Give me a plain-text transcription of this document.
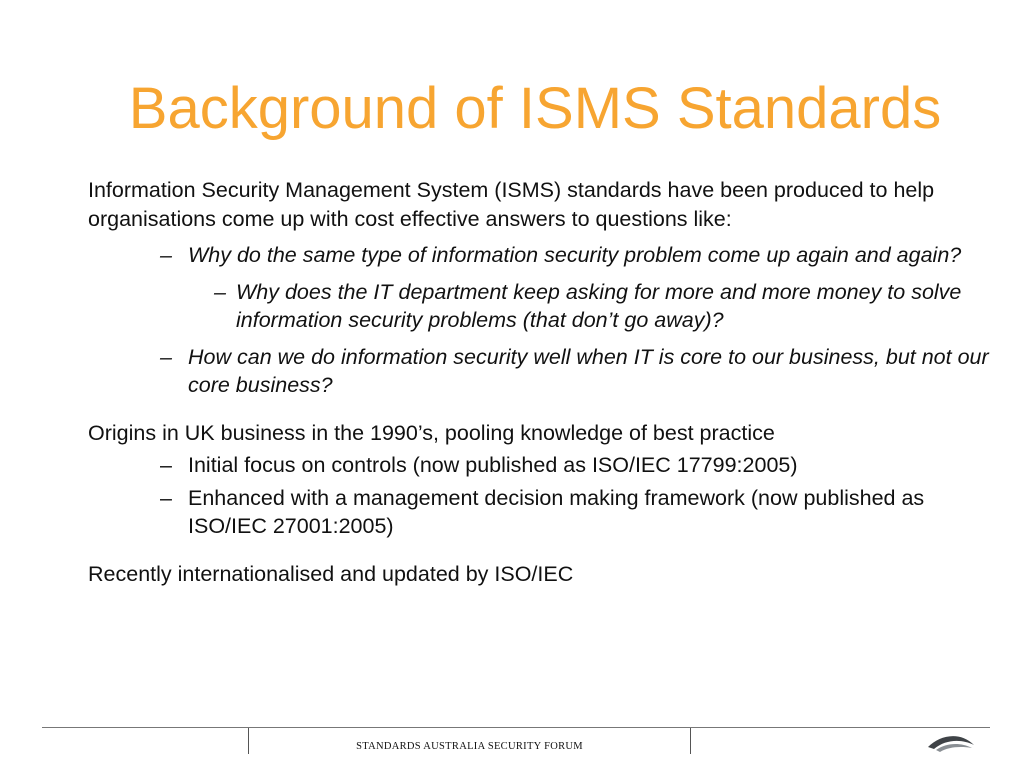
Background of ISMS Standards

Information Security Management System (ISMS) standards have been produced to help organisations come up with cost effective answers to questions like:

– Why do the same type of information security problem come up again and again?
– Why does the IT department keep asking for more and more money to solve information security problems (that don’t go away)?
– How can we do information security well when IT is core to our business, but not our core business?

Origins in UK business in the 1990’s, pooling knowledge of best practice

– Initial focus on controls (now published as ISO/IEC 17799:2005)
– Enhanced with a management decision making framework (now published as ISO/IEC 27001:2005)

Recently internationalised and updated by ISO/IEC

STANDARDS AUSTRALIA SECURITY FORUM
